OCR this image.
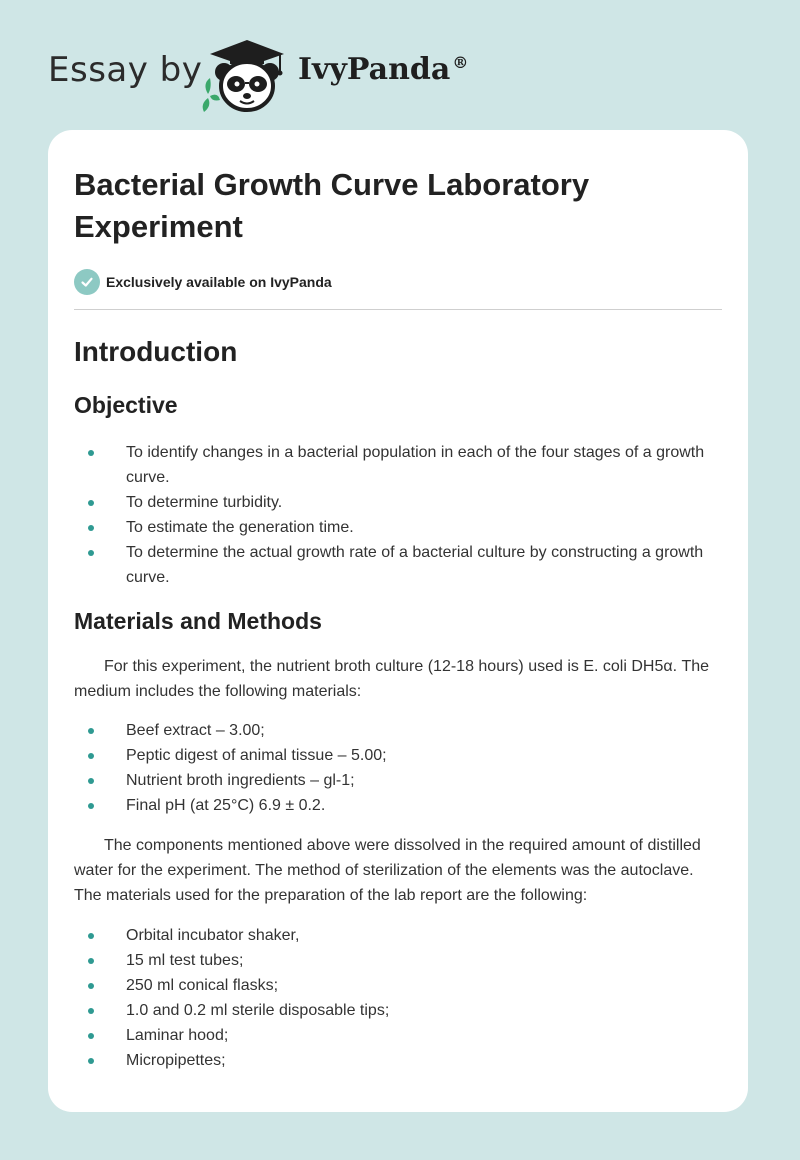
Essay by	IvyPanda ®
Bacterial Growth Curve Laboratory Experiment
Exclusively available on IvyPanda
Introduction
Objective
To identify changes in a bacterial population in each of the four stages of a growth curve.
To determine turbidity.
To estimate the generation time.
To determine the actual growth rate of a bacterial culture by constructing a growth curve.
Materials and Methods

For this experiment, the nutrient broth culture (12-18 hours) used is E. coli DH5α. The medium includes the following materials:

Beef extract – 3.00;
Peptic digest of animal tissue – 5.00;
Nutrient broth ingredients – gl-1;
Final pH (at 25°C) 6.9 ± 0.2.

The components mentioned above were dissolved in the required amount of distilled water for the experiment. The method of sterilization of the elements was the autoclave. The materials used for the preparation of the lab report are the following:

Orbital incubator shaker,
15 ml test tubes;
250 ml conical flasks;
1.0 and 0.2 ml sterile disposable tips;
Laminar hood;
Micropipettes;
